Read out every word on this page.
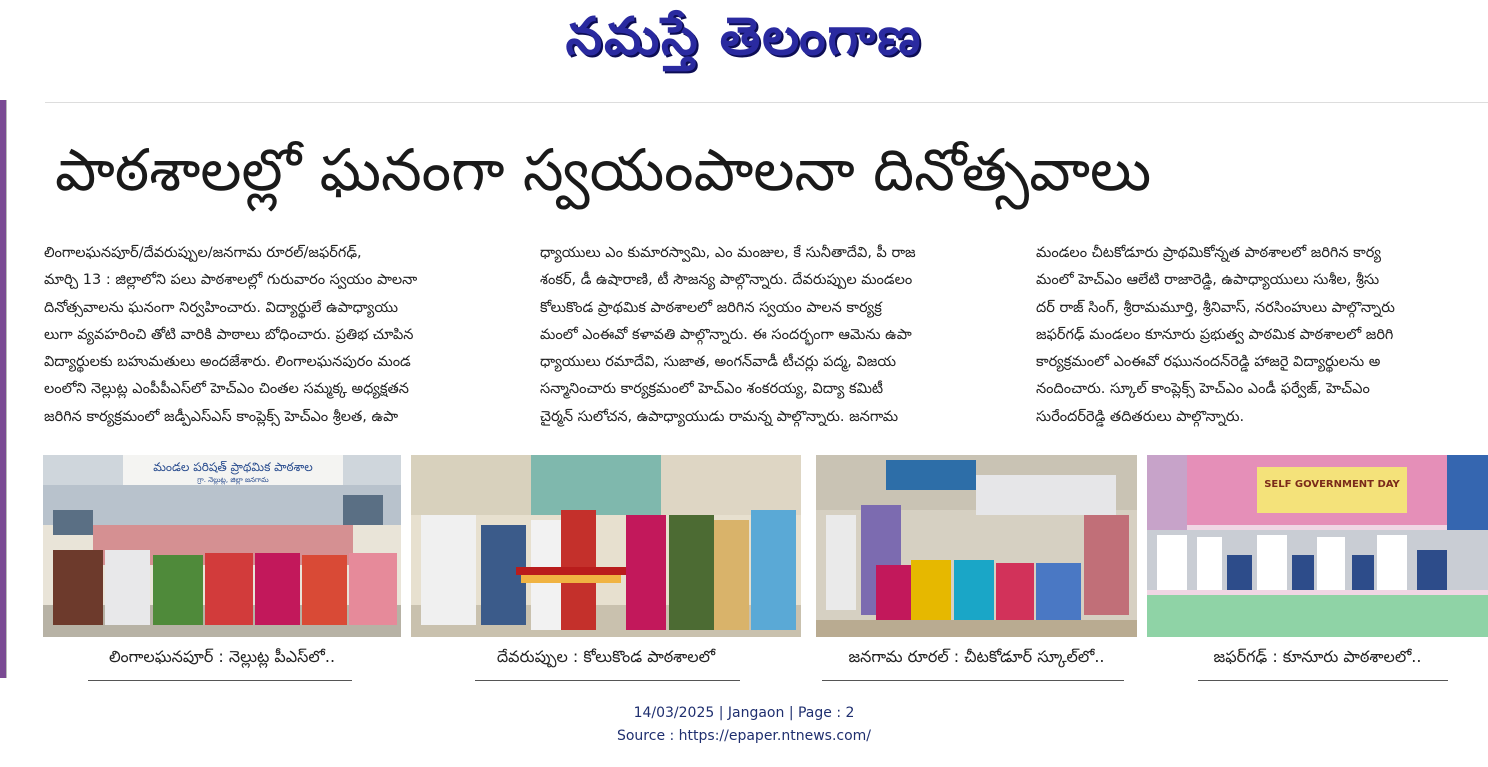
నమస్తే తెలంగాణ
పాఠశాలల్లో ఘనంగా స్వయంపాలనా దినోత్సవాలు

లింగాలఘనపూర్/దేవరుప్పుల/జనగామ రూరల్/జఫర్‌గఢ్,

మార్చి 13 : జిల్లాలోని పలు పాఠశాలల్లో గురువారం స్వయం పాలనా

దినోత్సవాలను ఘనంగా నిర్వహించారు. విద్యార్థులే ఉపాధ్యాయు

లుగా వ్యవహరించి తోటి వారికి పాఠాలు బోధించారు. ప్రతిభ చూపిన

విద్యార్థులకు బహుమతులు అందజేశారు. లింగాలఘనపురం మండ

లంలోని నెల్లుట్ల ఎంపీపీఎస్‌లో హెచ్‌ఎం చింతల సమ్మక్క అధ్యక్షతన

జరిగిన కార్యక్రమంలో జడ్పీఎస్ఎస్ కాంప్లెక్స్ హెచ్‌ఎం శ్రీలత, ఉపా

ధ్యాయులు ఎం కుమారస్వామి, ఎం మంజుల, కే సునీతాదేవి, పీ రాజ

శంకర్, డీ ఉషారాణి, టీ సౌజన్య పాల్గొన్నారు. దేవరుప్పుల మండలం

కోలుకొండ ప్రాథమిక పాఠశాలలో జరిగిన స్వయం పాలన కార్యక్ర

మంలో ఎంఈవో కళావతి పాల్గొన్నారు. ఈ సందర్భంగా ఆమెను ఉపా

ధ్యాయులు రమాదేవి, సుజాత, అంగన్‌వాడీ టీచర్లు పద్మ, విజయ

సన్మానించారు కార్యక్రమంలో హెచ్‌ఎం శంకరయ్య, విద్యా కమిటీ

చైర్మన్ సులోచన, ఉపాధ్యాయుడు రామన్న పాల్గొన్నారు. జనగామ

మండలం చీటకోడూరు ప్రాథమికోన్నత పాఠశాలలో జరిగిన కార్య

మంలో హెచ్‌ఎం ఆలేటి రాజారెడ్డి, ఉపాధ్యాయులు సుశీల, శ్రీసు

దర్ రాజ్ సింగ్, శ్రీరామమూర్తి, శ్రీనివాస్, నరసింహులు పాల్గొన్నారు

జఫర్‌గఢ్ మండలం కూనూరు ప్రభుత్వ పాఠమిక పాఠశాలలో జరిగి

కార్యక్రమంలో ఎంఈవో రఘునందన్‌రెడ్డి హాజరై విద్యార్థులను అ

నందించారు. స్కూల్ కాంప్లెక్స్ హెచ్‌ఎం ఎండీ ఫర్వేజ్, హెచ్‌ఎం

సురేందర్‌రెడ్డి తదితరులు పాల్గొన్నారు.

మండల పరిషత్ ప్రాథమిక పాఠశాల
గ్రా. నెల్లుట్ల, జిల్లా జనగామ	SELF GOVERNMENT DAY
లింగాలఘనపూర్ : నెల్లుట్ల పీఎస్‌లో..	దేవరుప్పుల : కోలుకొండ పాఠశాలలో	జనగామ రూరల్ : చీటకోడూర్ స్కూల్‌లో..	జఫర్‌గఢ్ : కూనూరు పాఠశాలలో..
14/03/2025 | Jangaon | Page : 2
Source : https://epaper.ntnews.com/
